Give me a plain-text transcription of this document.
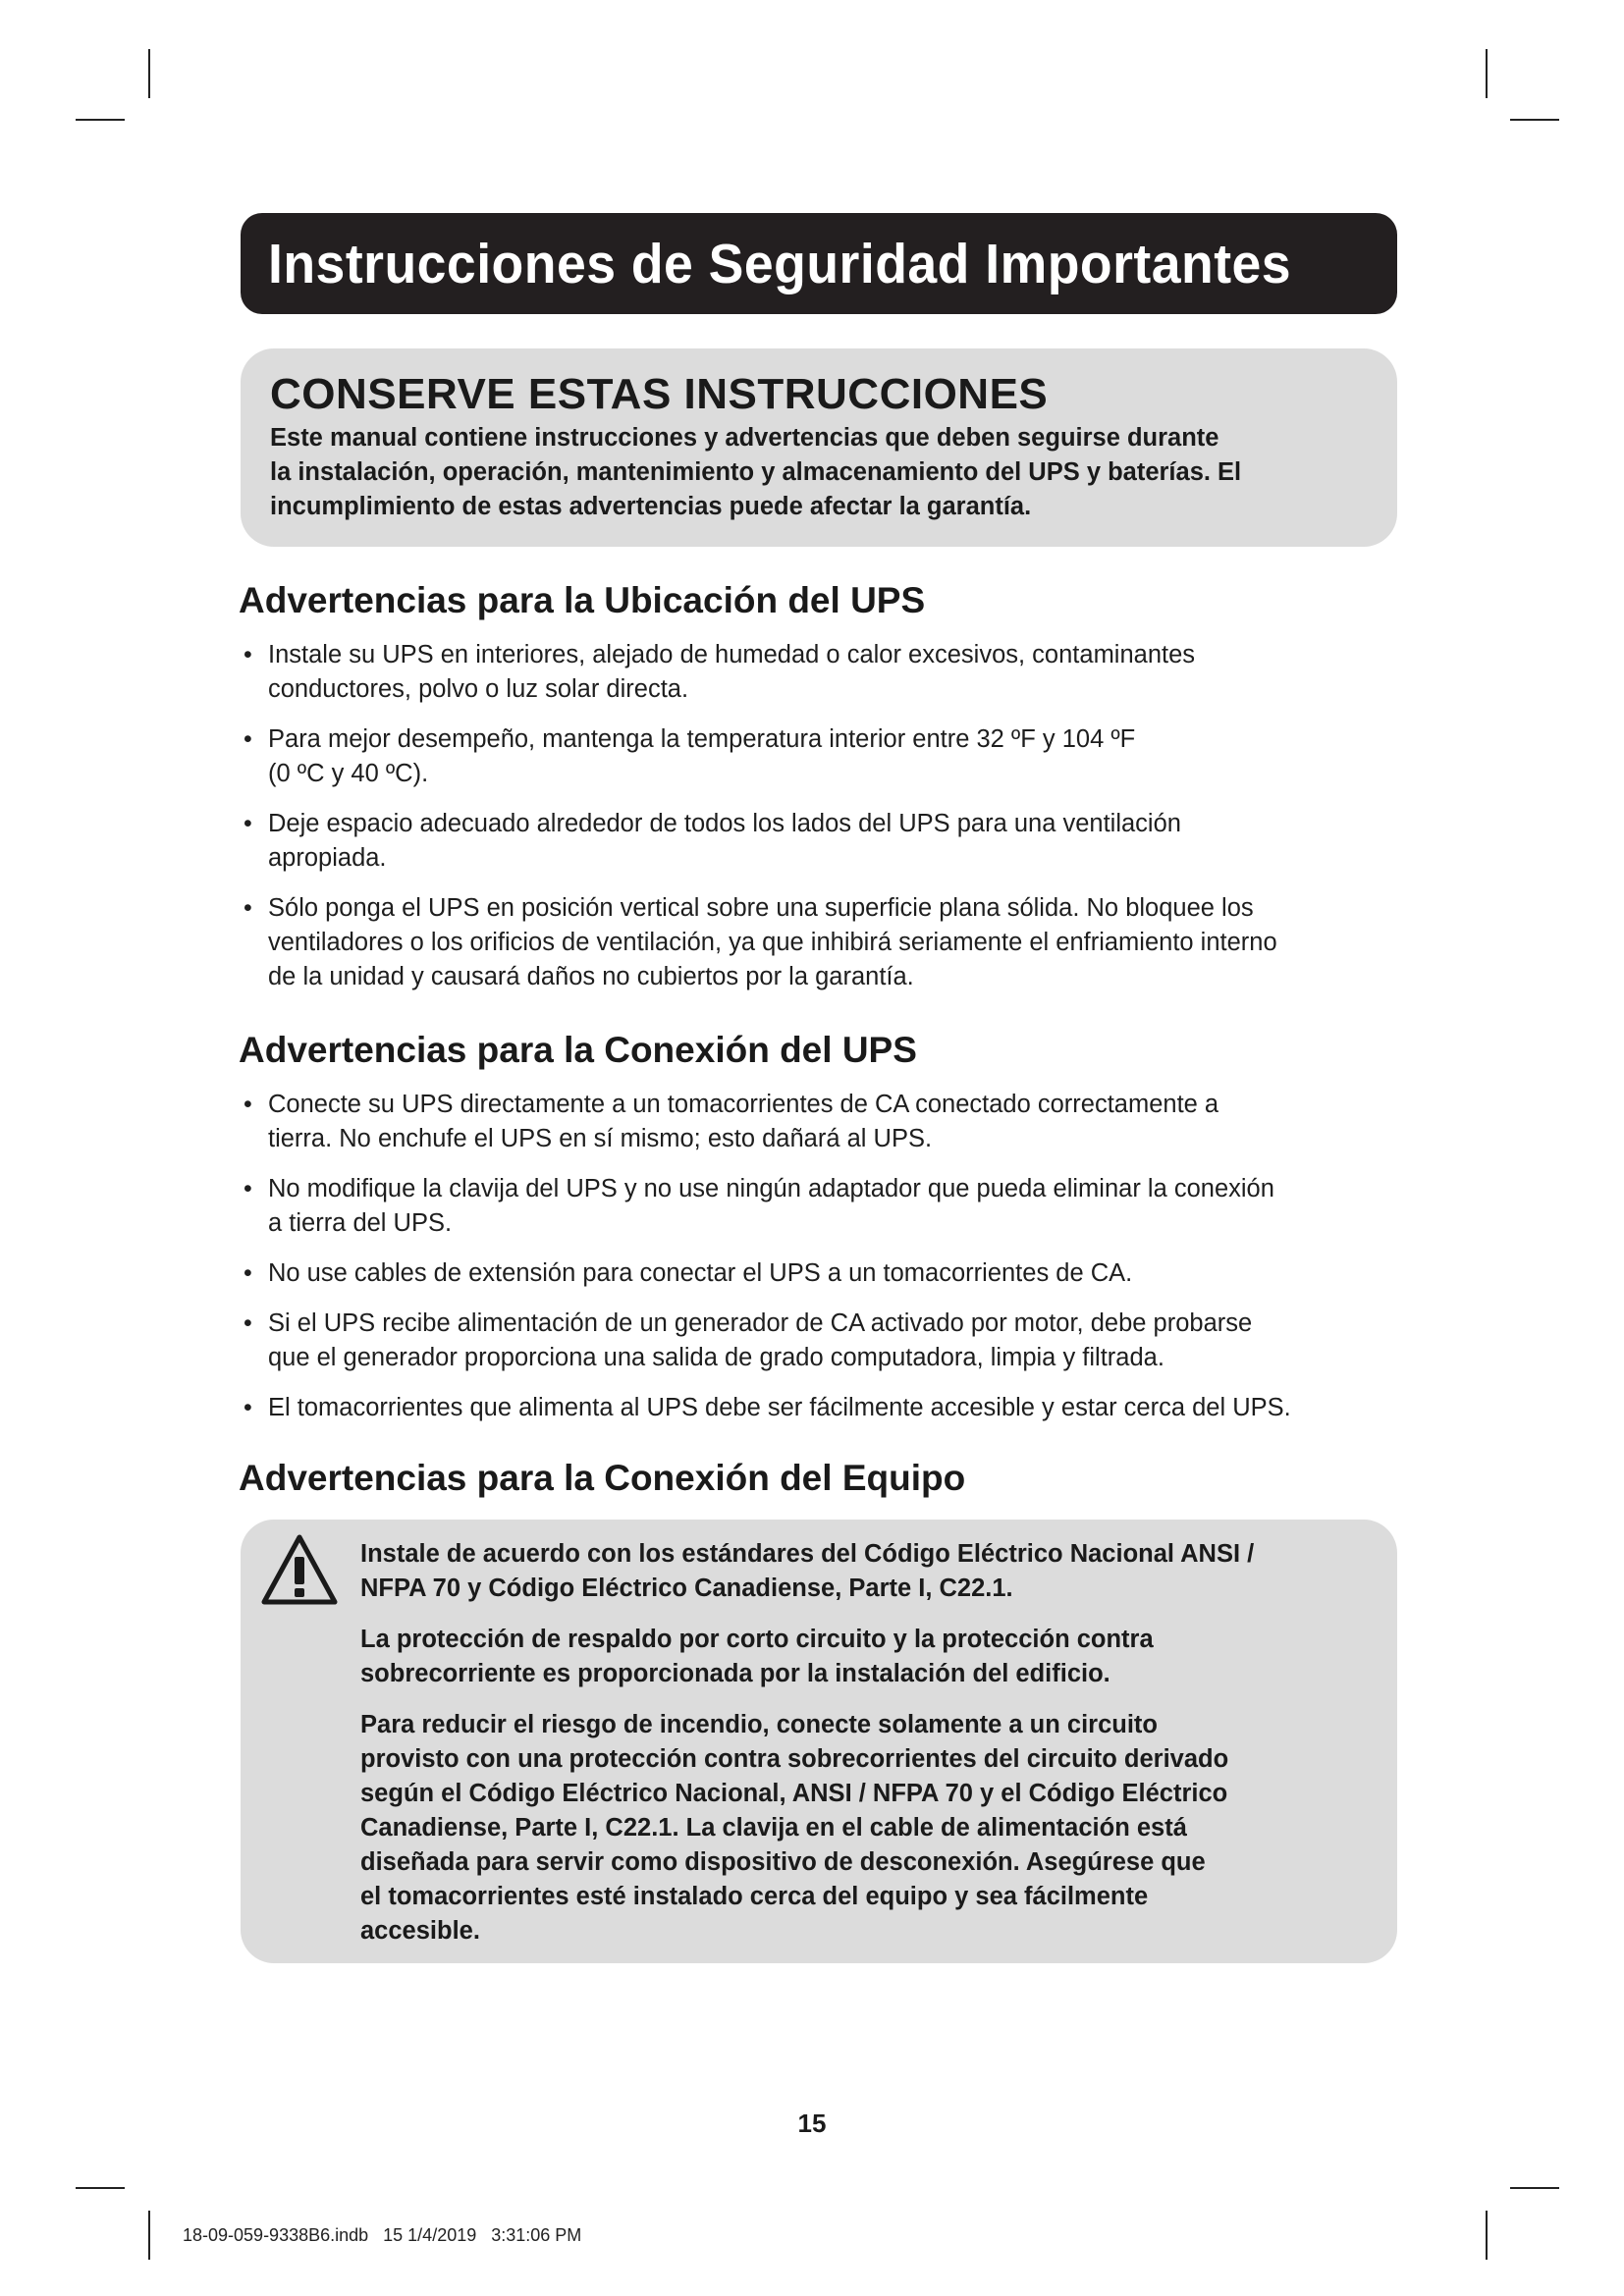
Instrucciones de Seguridad Importantes
CONSERVE ESTAS INSTRUCCIONES

Este manual contiene instrucciones y advertencias que deben seguirse durante
la instalación, operación, mantenimiento y almacenamiento del UPS y baterías. El
incumplimiento de estas advertencias puede afectar la garantía.

Advertencias para la Ubicación del UPS
• Instale su UPS en interiores, alejado de humedad o calor excesivos, contaminantes
conductores, polvo o luz solar directa.
• Para mejor desempeño, mantenga la temperatura interior entre 32 ºF y 104 ºF
(0 ºC y 40 ºC).
• Deje espacio adecuado alrededor de todos los lados del UPS para una ventilación
apropiada.
• Sólo ponga el UPS en posición vertical sobre una superficie plana sólida. No bloquee los
ventiladores o los orificios de ventilación, ya que inhibirá seriamente el enfriamiento interno
de la unidad y causará daños no cubiertos por la garantía.
Advertencias para la Conexión del UPS
• Conecte su UPS directamente a un tomacorrientes de CA conectado correctamente a
tierra. No enchufe el UPS en sí mismo; esto dañará al UPS.
• No modifique la clavija del UPS y no use ningún adaptador que pueda eliminar la conexión
a tierra del UPS.
• No use cables de extensión para conectar el UPS a un tomacorrientes de CA.
• Si el UPS recibe alimentación de un generador de CA activado por motor, debe probarse
que el generador proporciona una salida de grado computadora, limpia y filtrada.
• El tomacorrientes que alimenta al UPS debe ser fácilmente accesible y estar cerca del UPS.
Advertencias para la Conexión del Equipo

Instale de acuerdo con los estándares del Código Eléctrico Nacional ANSI /
NFPA 70 y Código Eléctrico Canadiense, Parte I, C22.1.

La protección de respaldo por corto circuito y la protección contra
sobrecorriente es proporcionada por la instalación del edificio.

Para reducir el riesgo de incendio, conecte solamente a un circuito
provisto con una protección contra sobrecorrientes del circuito derivado
según el Código Eléctrico Nacional, ANSI / NFPA 70 y el Código Eléctrico
Canadiense, Parte I, C22.1. La clavija en el cable de alimentación está
diseñada para servir como dispositivo de desconexión. Asegúrese que
el tomacorrientes esté instalado cerca del equipo y sea fácilmente
accesible.

15
18-09-059-9338B6.indb   15 1/4/2019   3:31:06 PM
